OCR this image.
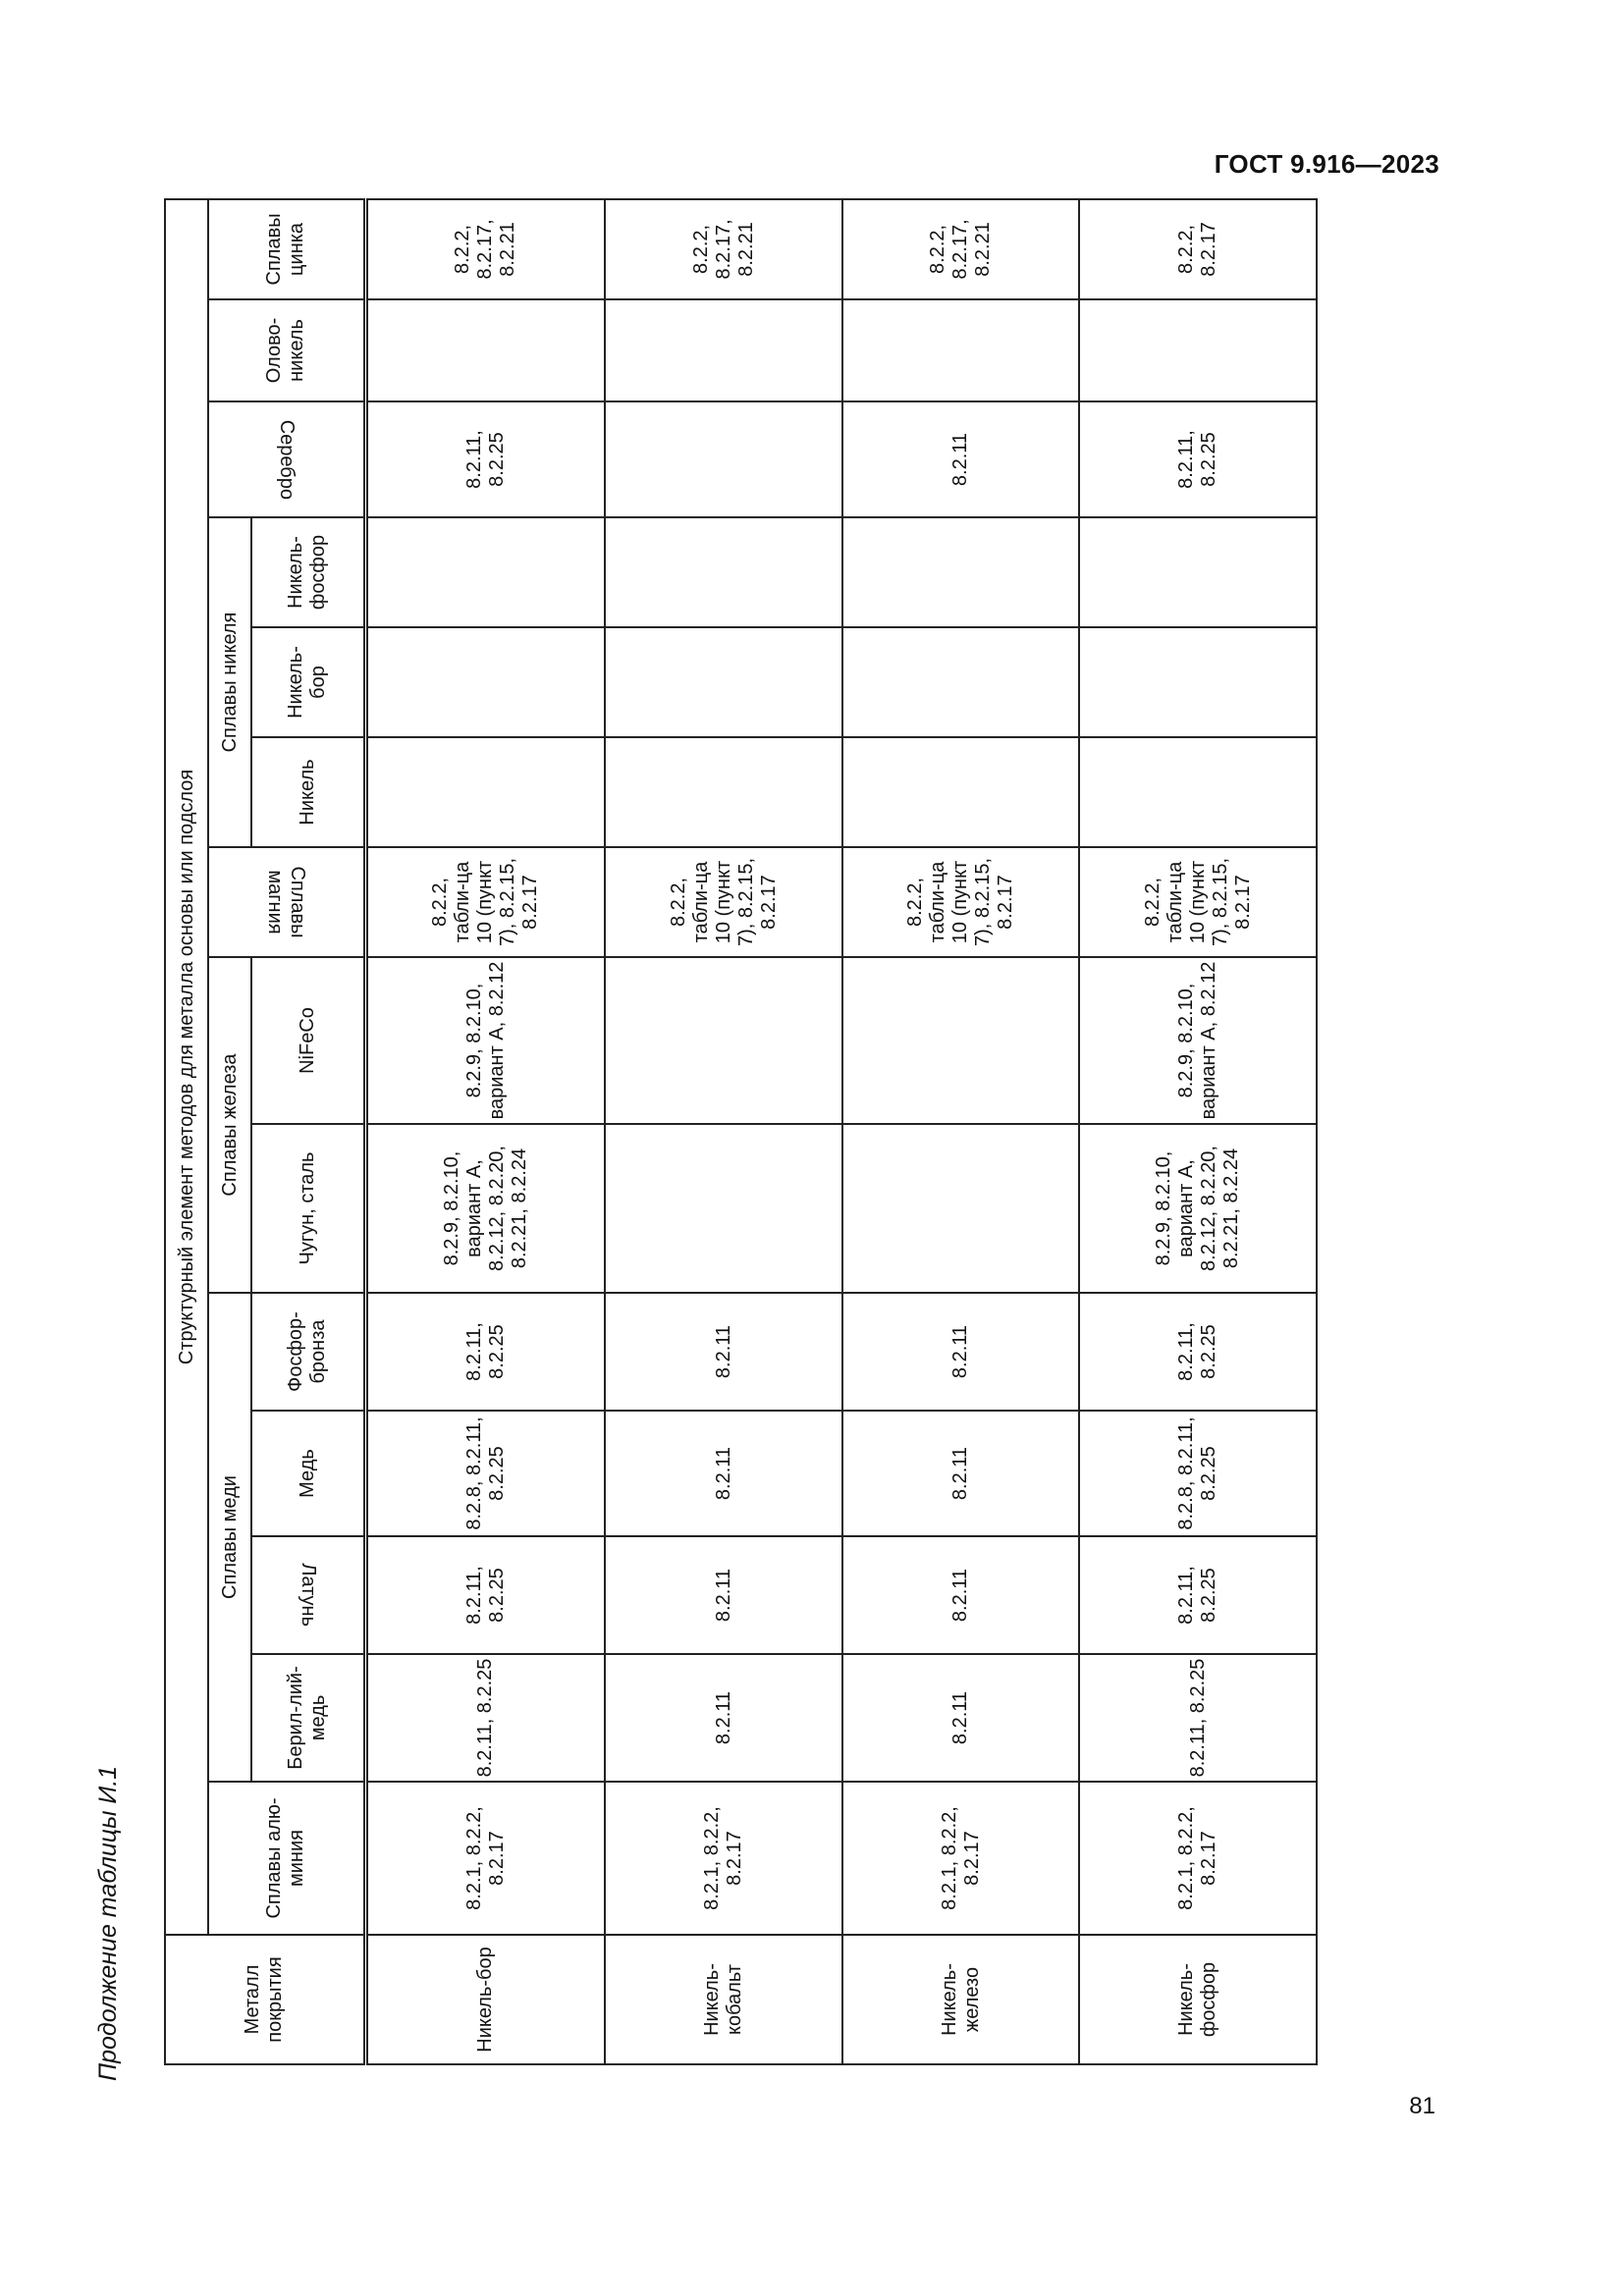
ГОСТ 9.916—2023
Продолжение таблицы И.1
81
Металл покрытия	Структурный элемент методов для металла основы или подслоя													
	Сплавы алю-миния	Сплавы меди				Сплавы железа		Сплавы магния	Сплавы никеля			Серебро	Олово-никель	Сплавы цинка
		Берил-лий-медь	Латунь	Медь	Фосфор-бронза	Чугун, сталь	NiFeCo		Никель	Никель-бор	Никель-фосфор			
Никель-бор	8.2.1, 8.2.2, 8.2.17	8.2.11, 8.2.25	8.2.11, 8.2.25	8.2.8, 8.2.11, 8.2.25	8.2.11, 8.2.25	8.2.9, 8.2.10, вариант А, 8.2.12, 8.2.20, 8.2.21, 8.2.24	8.2.9, 8.2.10, вариант А, 8.2.12	8.2.2, табли-ца 10 (пункт 7), 8.2.15, 8.2.17				8.2.11, 8.2.25		8.2.2, 8.2.17, 8.2.21
Никель-кобальт	8.2.1, 8.2.2, 8.2.17	8.2.11	8.2.11	8.2.11	8.2.11			8.2.2, табли-ца 10 (пункт 7), 8.2.15, 8.2.17						8.2.2, 8.2.17, 8.2.21
Никель-железо	8.2.1, 8.2.2, 8.2.17	8.2.11	8.2.11	8.2.11	8.2.11			8.2.2, табли-ца 10 (пункт 7), 8.2.15, 8.2.17				8.2.11		8.2.2, 8.2.17, 8.2.21
Никель-фосфор	8.2.1, 8.2.2, 8.2.17	8.2.11, 8.2.25	8.2.11, 8.2.25	8.2.8, 8.2.11, 8.2.25	8.2.11, 8.2.25	8.2.9, 8.2.10, вариант А, 8.2.12, 8.2.20, 8.2.21, 8.2.24	8.2.9, 8.2.10, вариант А, 8.2.12	8.2.2, табли-ца 10 (пункт 7), 8.2.15, 8.2.17				8.2.11, 8.2.25		8.2.2, 8.2.17
